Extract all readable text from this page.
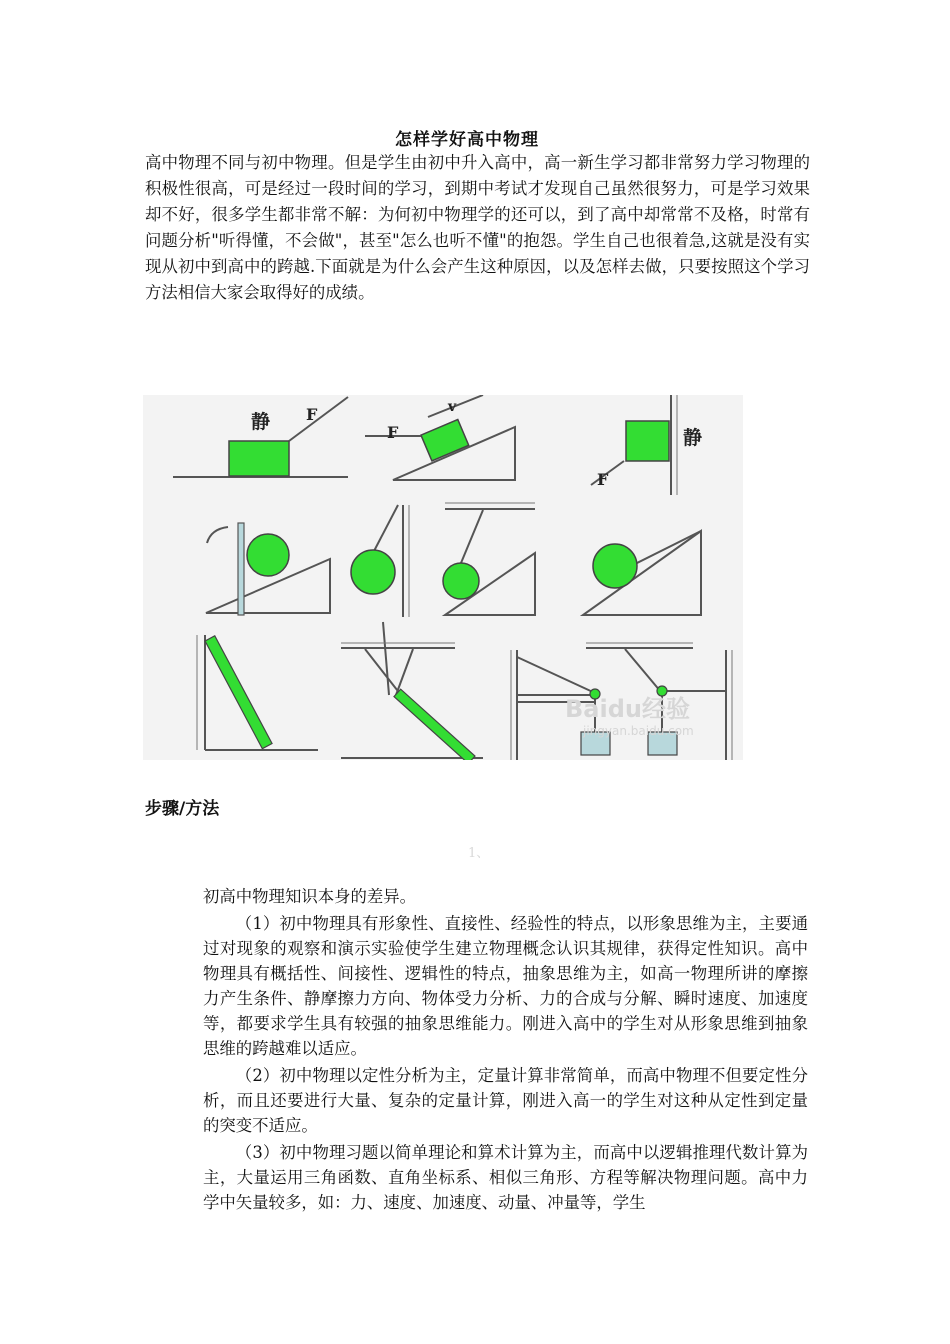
怎样学好高中物理
高中物理不同与初中物理。但是学生由初中升入高中，高一新生学习都非常努力学习物理的积极性很高，可是经过一段时间的学习，到期中考试才发现自己虽然很努力，可是学习效果却不好，很多学生都非常不解：为何初中物理学的还可以，到了高中却常常不及格，时常有问题分析"听得懂，不会做"，甚至"怎么也听不懂"的抱怨。学生自己也很着急,这就是没有实现从初中到高中的跨越.下面就是为什么会产生这种原因，以及怎样去做，只要按照这个学习方法相信大家会取得好的成绩。
静 F
F
v
静
F
Baidu经验
jingyan.baidu.com
步骤/方法
1、

初高中物理知识本身的差异。

（1）初中物理具有形象性、直接性、经验性的特点，以形象思维为主，主要通过对现象的观察和演示实验使学生建立物理概念认识其规律，获得定性知识。高中物理具有概括性、间接性、逻辑性的特点，抽象思维为主，如高一物理所讲的摩擦力产生条件、静摩擦力方向、物体受力分析、力的合成与分解、瞬时速度、加速度等，都要求学生具有较强的抽象思维能力。刚进入高中的学生对从形象思维到抽象思维的跨越难以适应。

（2）初中物理以定性分析为主，定量计算非常简单，而高中物理不但要定性分析，而且还要进行大量、复杂的定量计算，刚进入高一的学生对这种从定性到定量的突变不适应。

（3）初中物理习题以简单理论和算术计算为主，而高中以逻辑推理代数计算为主，大量运用三角函数、直角坐标系、相似三角形、方程等解决物理问题。高中力学中矢量较多，如：力、速度、加速度、动量、冲量等，学生
